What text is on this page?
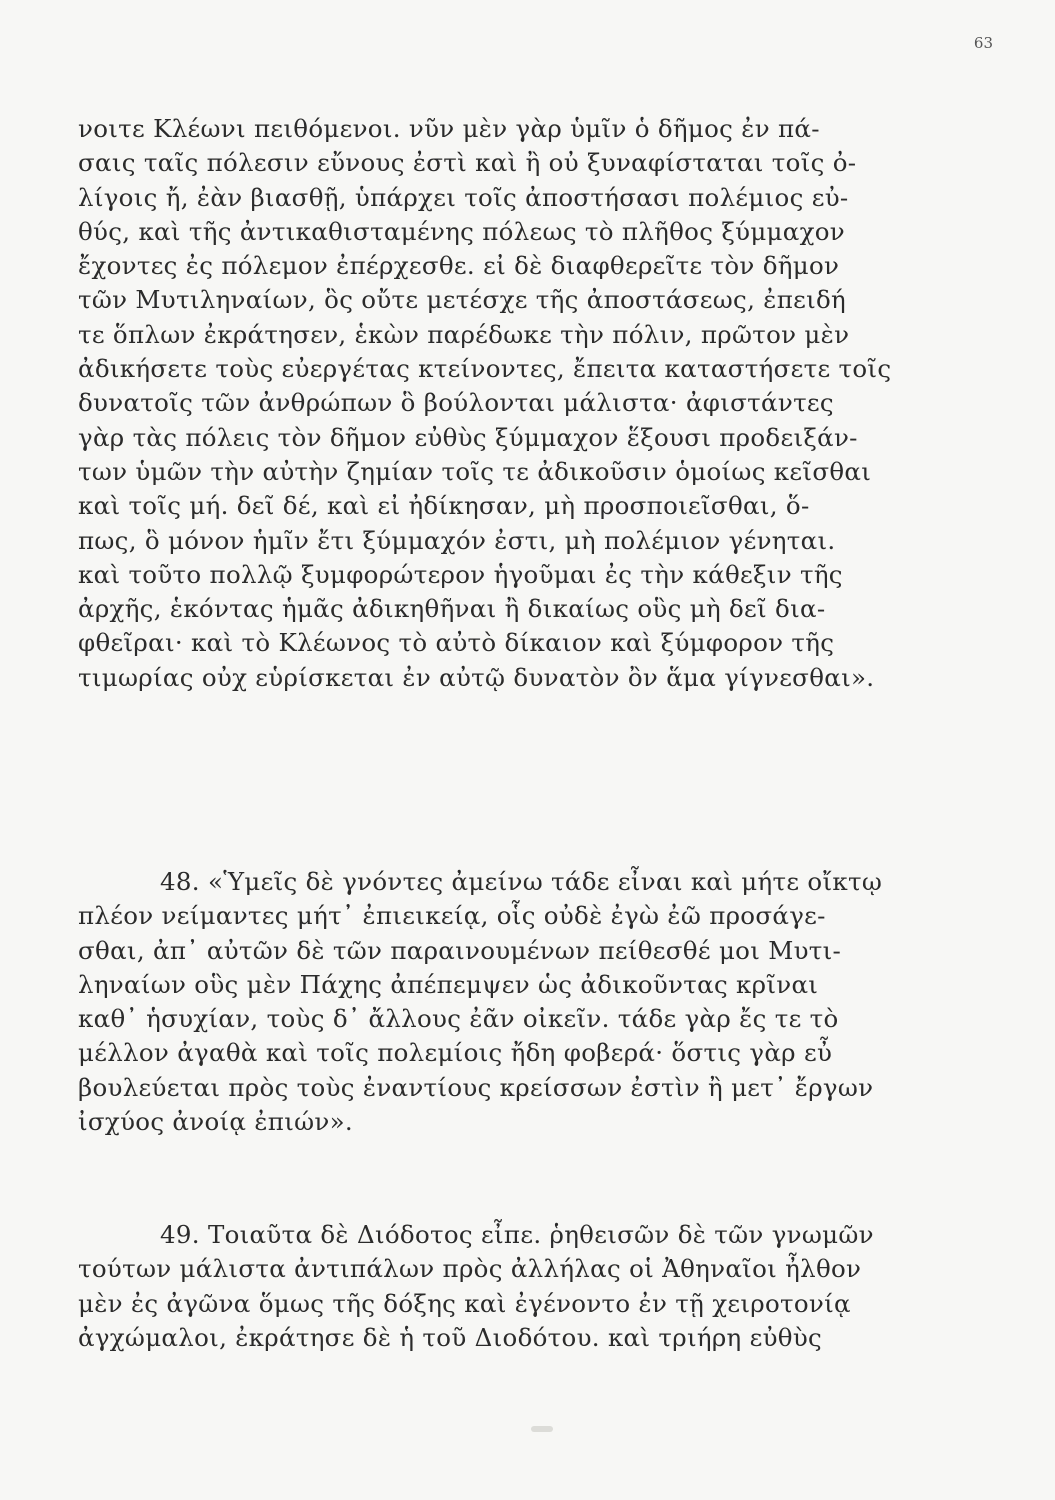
63
νοιτε Κλέωνι πειθόμενοι. νῦν μὲν γὰρ ὑμῖν ὁ δῆμος ἐν πά-
σαις ταῖς πόλεσιν εὔνους ἐστὶ καὶ ἢ οὐ ξυναφίσταται τοῖς ὀ-
λίγοις ἤ, ἐὰν βιασθῇ, ὑπάρχει τοῖς ἀποστήσασι πολέμιος εὐ-
θύς, καὶ τῆς ἀντικαθισταμένης πόλεως τὸ πλῆθος ξύμμαχον
ἔχοντες ἐς πόλεμον ἐπέρχεσθε. εἰ δὲ διαφθερεῖτε τὸν δῆμον
τῶν Μυτιληναίων, ὃς οὔτε μετέσχε τῆς ἀποστάσεως, ἐπειδή
τε ὅπλων ἐκράτησεν, ἑκὼν παρέδωκε τὴν πόλιν, πρῶτον μὲν
ἀδικήσετε τοὺς εὐεργέτας κτείνοντες, ἔπειτα καταστήσετε τοῖς
δυνατοῖς τῶν ἀνθρώπων ὃ βούλονται μάλιστα· ἀφιστάντες
γὰρ τὰς πόλεις τὸν δῆμον εὐθὺς ξύμμαχον ἕξουσι προδειξάν-
των ὑμῶν τὴν αὐτὴν ζημίαν τοῖς τε ἀδικοῦσιν ὁμοίως κεῖσθαι
καὶ τοῖς μή. δεῖ δέ, καὶ εἰ ἠδίκησαν, μὴ προσποιεῖσθαι, ὅ-
πως, ὃ μόνον ἡμῖν ἔτι ξύμμαχόν ἐστι, μὴ πολέμιον γένηται.
καὶ τοῦτο πολλῷ ξυμφορώτερον ἡγοῦμαι ἐς τὴν κάθεξιν τῆς
ἀρχῆς, ἑκόντας ἡμᾶς ἀδικηθῆναι ἢ δικαίως οὓς μὴ δεῖ δια-
φθεῖραι· καὶ τὸ Κλέωνος τὸ αὐτὸ δίκαιον καὶ ξύμφορον τῆς
τιμωρίας οὐχ εὑρίσκεται ἐν αὐτῷ δυνατὸν ὂν ἅμα γίγνεσθαι».
48. «Ὑμεῖς δὲ γνόντες ἀμείνω τάδε εἶναι καὶ μήτε οἴκτῳ
πλέον νείμαντες μήτ᾽ ἐπιεικείᾳ, οἷς οὐδὲ ἐγὼ ἐῶ προσάγε-
σθαι, ἀπ᾽ αὐτῶν δὲ τῶν παραινουμένων πείθεσθέ μοι Μυτι-
ληναίων οὓς μὲν Πάχης ἀπέπεμψεν ὡς ἀδικοῦντας κρῖναι
καθ᾽ ἡσυχίαν, τοὺς δ᾽ ἄλλους ἐᾶν οἰκεῖν. τάδε γὰρ ἔς τε τὸ
μέλλον ἀγαθὰ καὶ τοῖς πολεμίοις ἤδη φοβερά· ὅστις γὰρ εὖ
βουλεύεται πρὸς τοὺς ἐναντίους κρείσσων ἐστὶν ἢ μετ᾽ ἔργων
ἰσχύος ἀνοίᾳ ἐπιών».
49. Τοιαῦτα δὲ Διόδοτος εἶπε. ῥηθεισῶν δὲ τῶν γνωμῶν
τούτων μάλιστα ἀντιπάλων πρὸς ἀλλήλας οἱ Ἀθηναῖοι ἦλθον
μὲν ἐς ἀγῶνα ὅμως τῆς δόξης καὶ ἐγένοντο ἐν τῇ χειροτονίᾳ
ἀγχώμαλοι, ἐκράτησε δὲ ἡ τοῦ Διοδότου. καὶ τριήρη εὐθὺς
